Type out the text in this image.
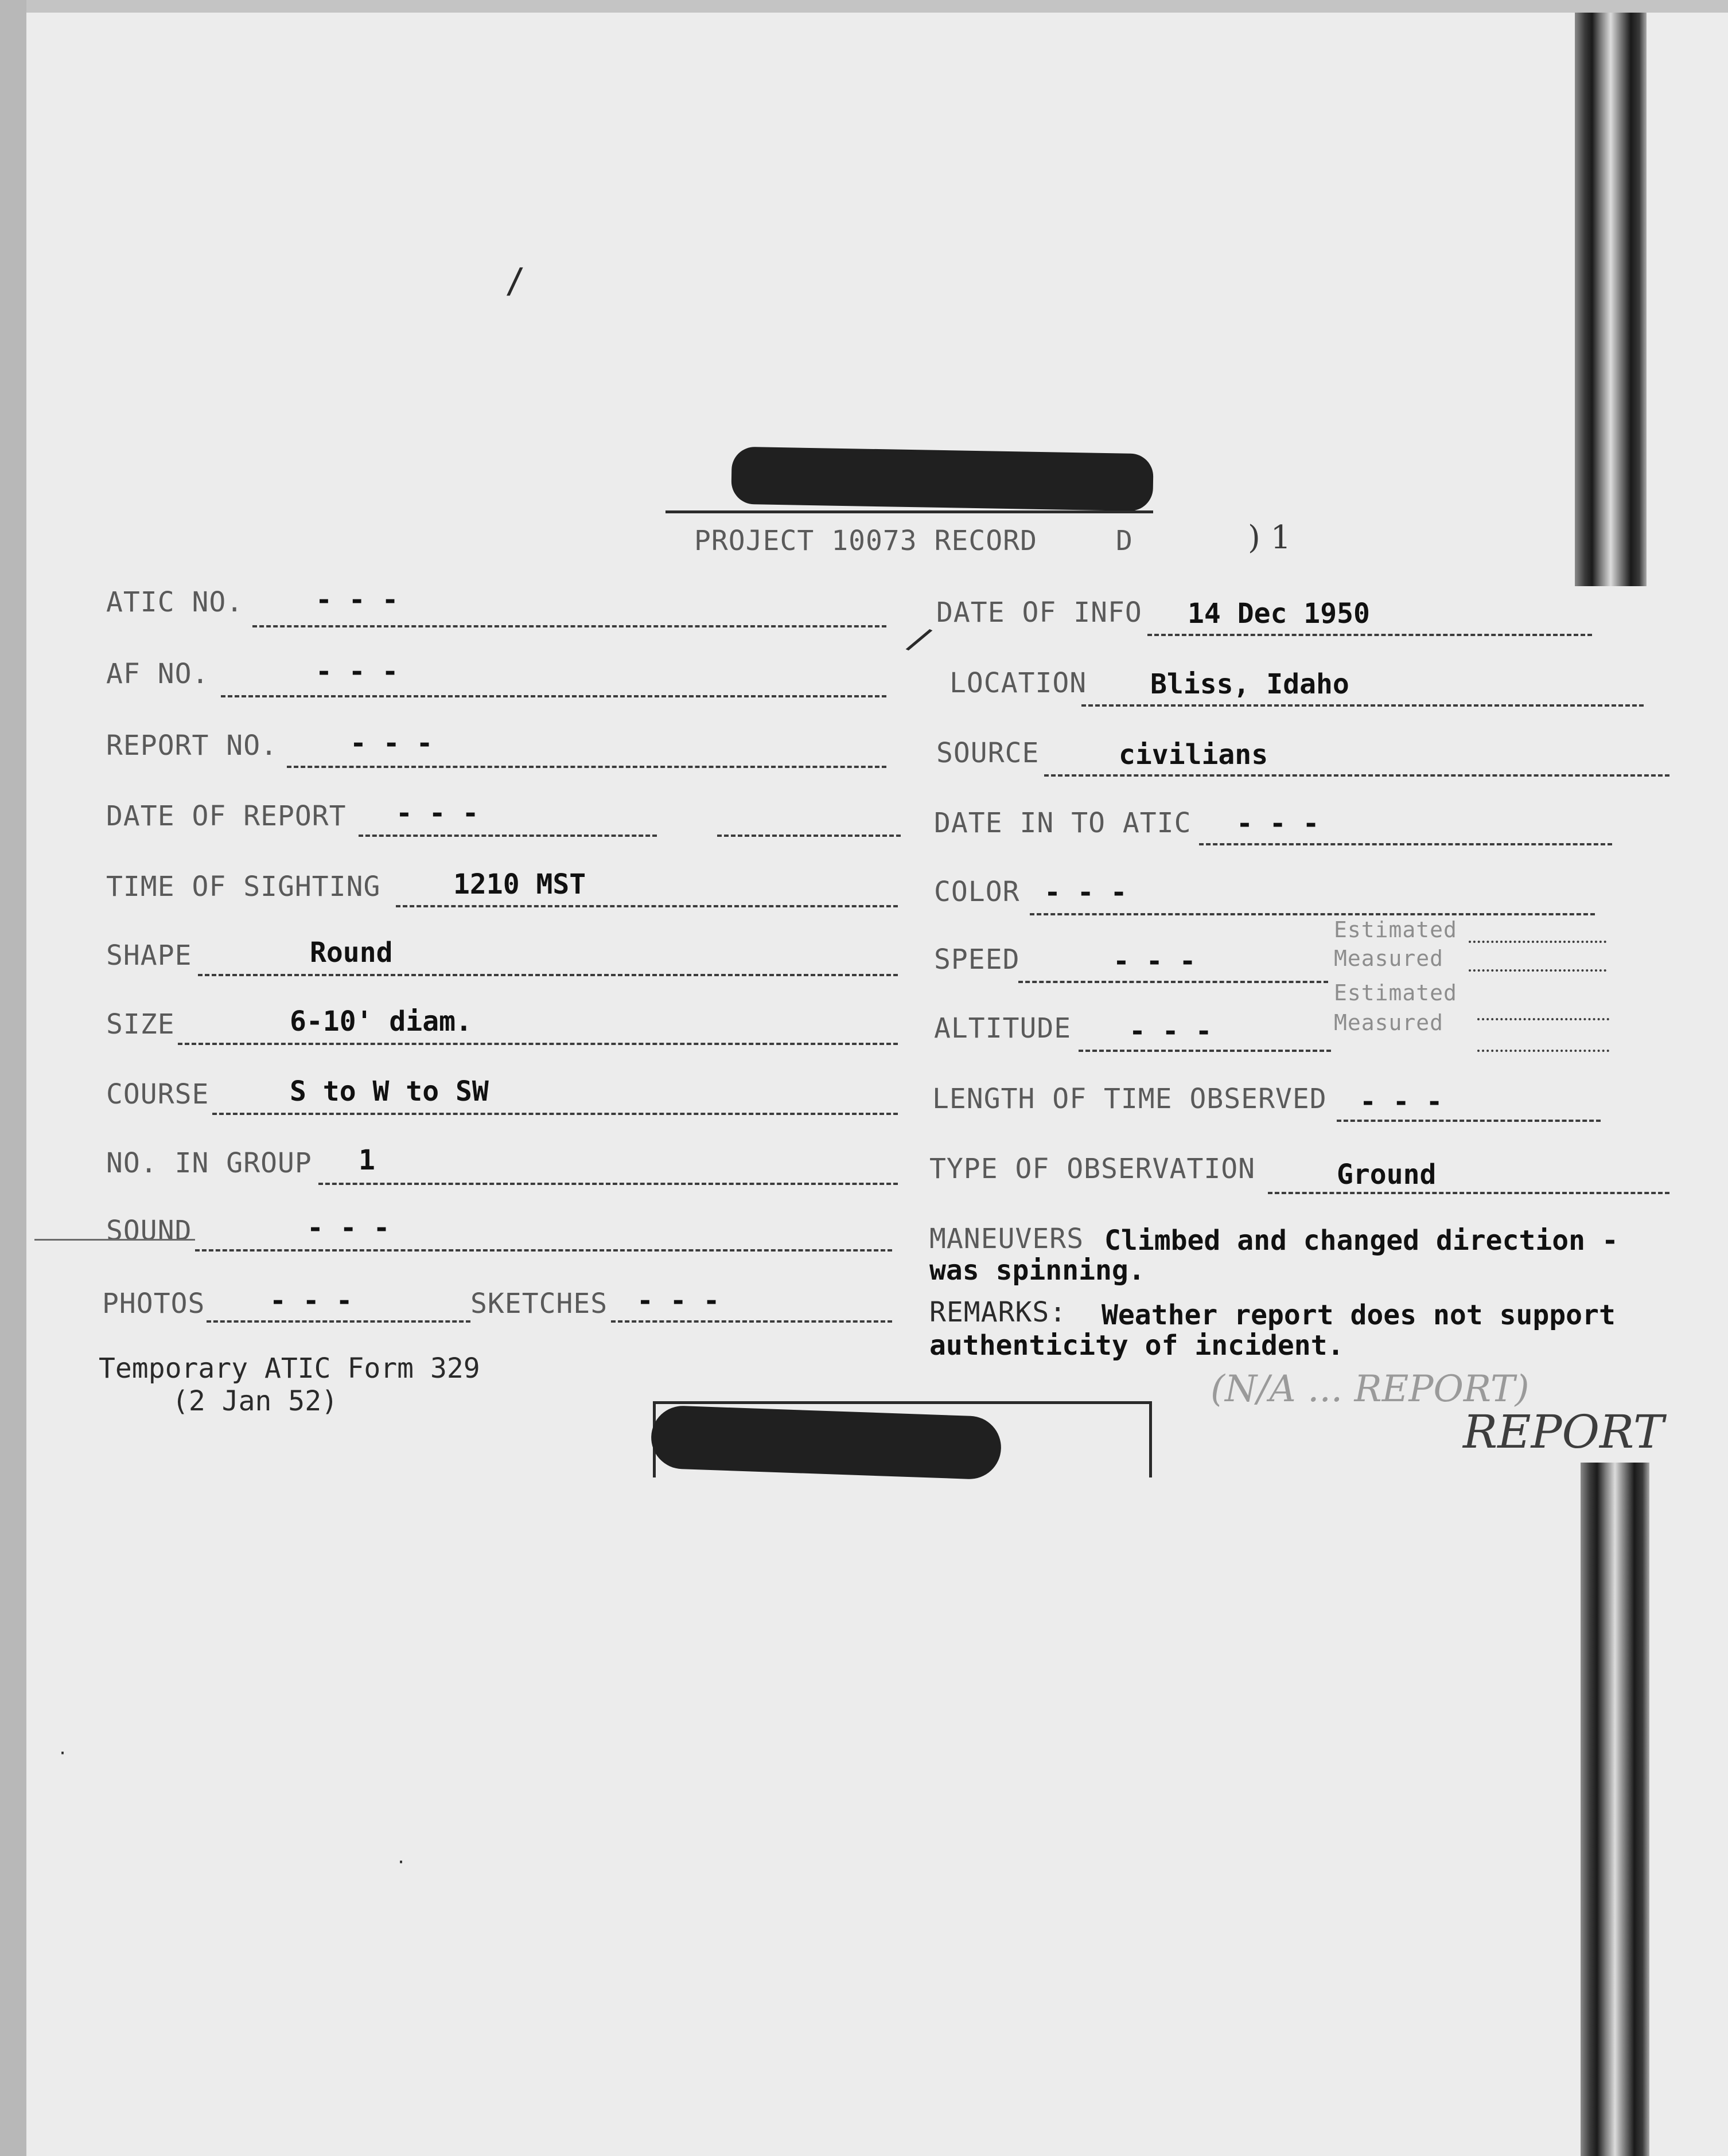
/
PROJECT 10073 RECORD	D	) 1
ATIC NO.	- - -
AF NO.	- - -
REPORT NO.	- - -
DATE OF REPORT - - -
TIME OF SIGHTING	1210 MST
SHAPE	Round
SIZE	6-10' diam.
COURSE	S to W to SW
NO. IN GROUP 1
SOUND	- - -
PHOTOS - - -	SKETCHES - - -
DATE OF INFO 14 Dec 1950
/
LOCATION Bliss, Idaho
SOURCE	civilians
DATE IN TO ATIC - - -
COLOR - - -
SPEED	- - -
Estimated
Measured
ALTITUDE - - -
Estimated
Measured
LENGTH OF TIME OBSERVED - - -
TYPE OF OBSERVATION	Ground
MANEUVERS Climbed and changed direction -
was spinning.
REMARKS: Weather report does not support
authenticity of incident.
Temporary ATIC Form 329
(2 Jan 52)	(N/A ... REPORT)
REPORT
·
·
